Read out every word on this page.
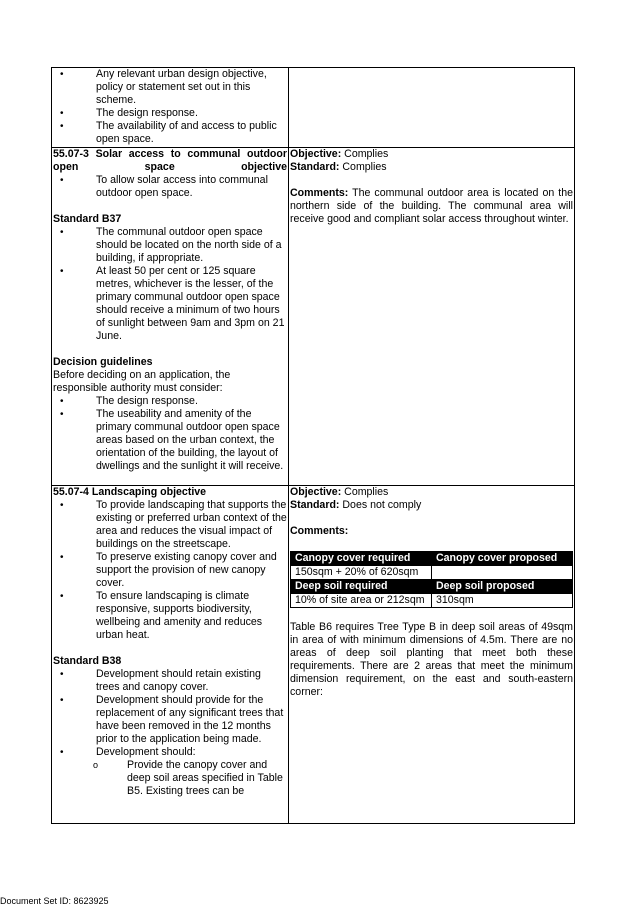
• Any relevant urban design objective, policy or statement set out in this scheme.
• The design response.
• The availability of and access to public open space.

55.07-3 Solar access to communal outdoor open space objective
• To allow solar access into communal outdoor open space.
Standard B37
• The communal outdoor open space should be located on the north side of a building, if appropriate.
• At least 50 per cent or 125 square metres, whichever is the lesser, of the primary communal outdoor open space should receive a minimum of two hours of sunlight between 9am and 3pm on 21 June.
Decision guidelines
Before deciding on an application, the responsible authority must consider:
• The design response.
• The useability and amenity of the primary communal outdoor open space areas based on the urban context, the orientation of the building, the layout of dwellings and the sunlight it will receive.

Objective: Complies
Standard: Complies
Comments: The communal outdoor area is located on the northern side of the building. The communal area will receive good and compliant solar access throughout winter.

55.07-4 Landscaping objective
• To provide landscaping that supports the existing or preferred urban context of the area and reduces the visual impact of buildings on the streetscape.
• To preserve existing canopy cover and support the provision of new canopy cover.
• To ensure landscaping is climate responsive, supports biodiversity, wellbeing and amenity and reduces urban heat.
Standard B38
• Development should retain existing trees and canopy cover.
• Development should provide for the replacement of any significant trees that have been removed in the 12 months prior to the application being made.
• Development should:
o Provide the canopy cover and deep soil areas specified in Table B5. Existing trees can be

Objective: Complies
Standard: Does not comply
Comments:
Canopy cover required	Canopy cover proposed
150sqm + 20% of 620sqm	
Deep soil required	Deep soil proposed
10% of site area or 212sqm	310sqm
Table B6 requires Tree Type B in deep soil areas of 49sqm in area of with minimum dimensions of 4.5m. There are no areas of deep soil planting that meet both these requirements. There are 2 areas that meet the minimum dimension requirement, on the east and south-eastern corner:
Document Set ID: 8623925
